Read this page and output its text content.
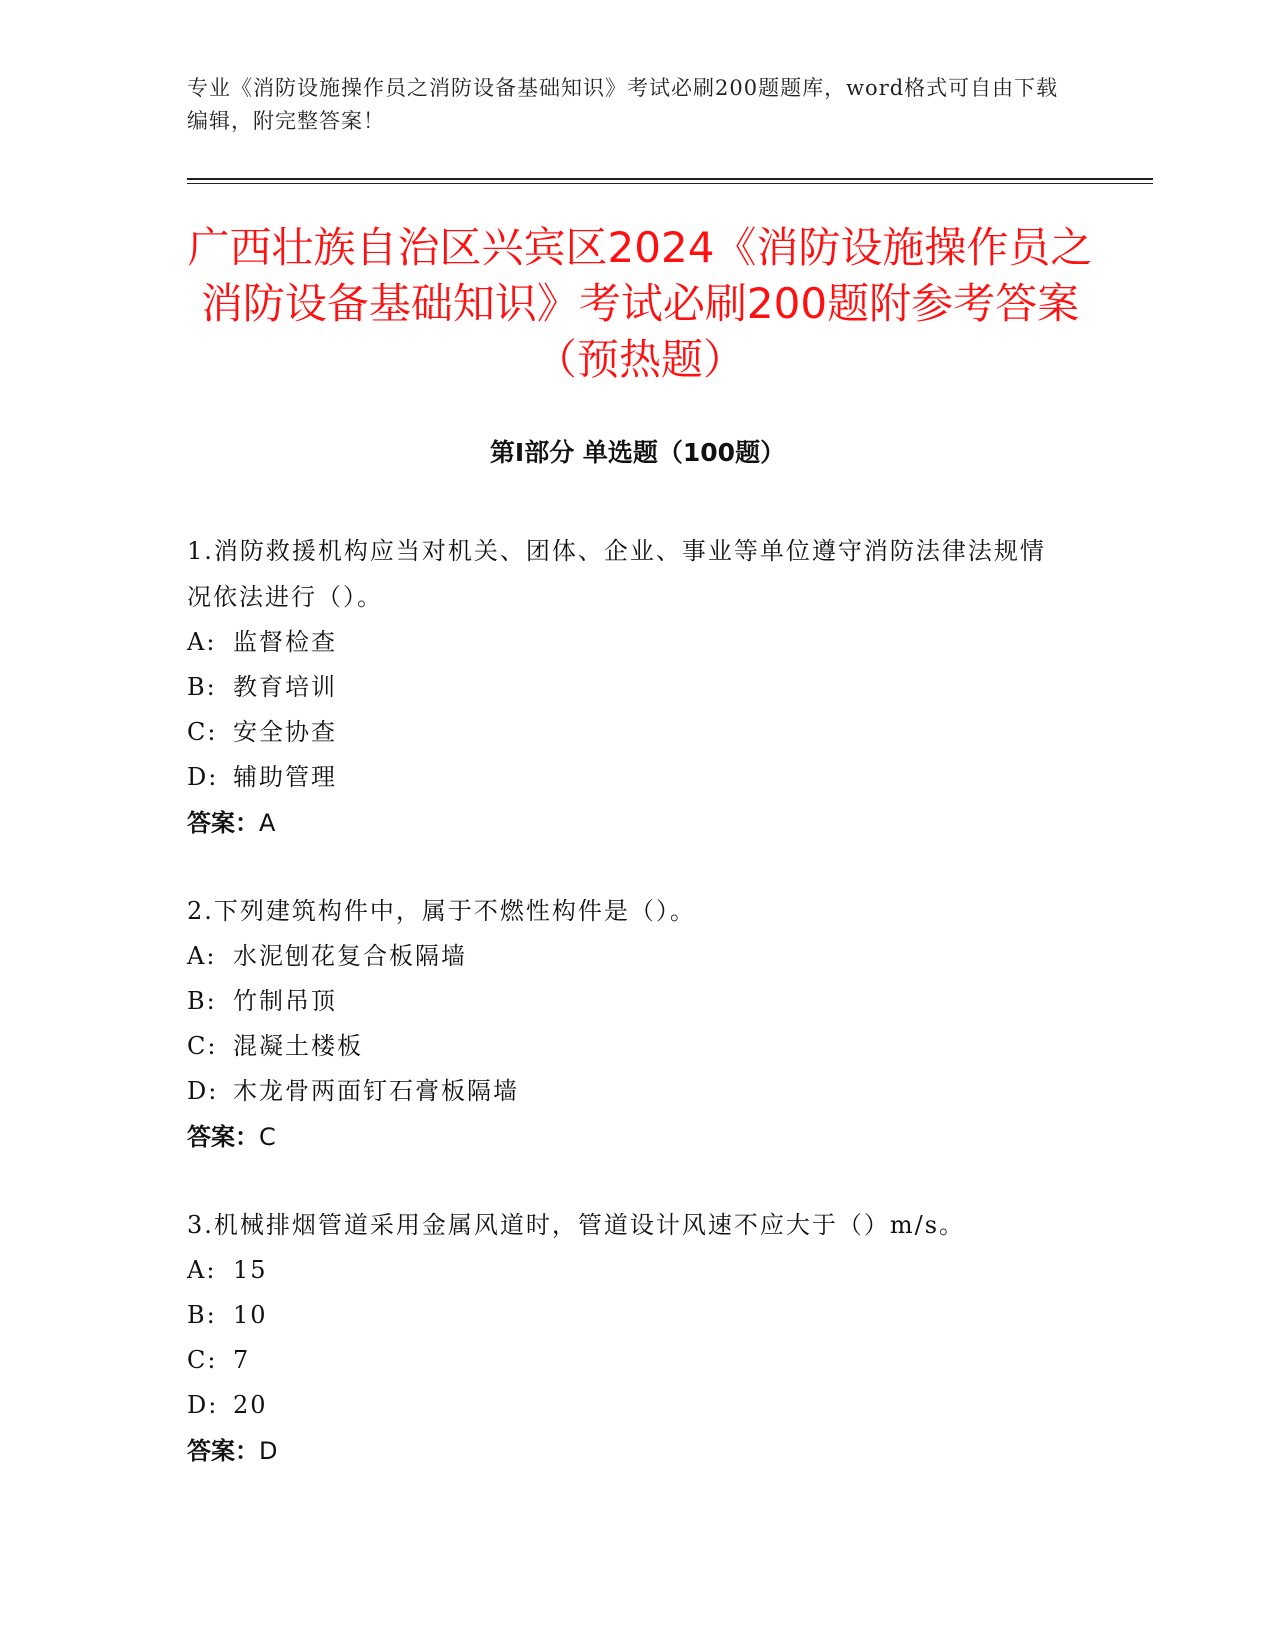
专业《消防设施操作员之消防设备基础知识》考试必刷200题题库，word格式可自由下载编辑，附完整答案！
广西壮族自治区兴宾区2024《消防设施操作员之消防设备基础知识》考试必刷200题附参考答案（预热题）
第I部分 单选题（100题）
1.消防救援机构应当对机关、团体、企业、事业等单位遵守消防法律法规情况依法进行（）。
A: 监督检查
B: 教育培训
C: 安全协查
D: 辅助管理
答案：A
2.下列建筑构件中，属于不燃性构件是（）。
A: 水泥刨花复合板隔墙
B: 竹制吊顶
C: 混凝土楼板
D: 木龙骨两面钉石膏板隔墙
答案：C
3.机械排烟管道采用金属风道时，管道设计风速不应大于（）m/s。
A: 15
B: 10
C: 7
D: 20
答案：D
